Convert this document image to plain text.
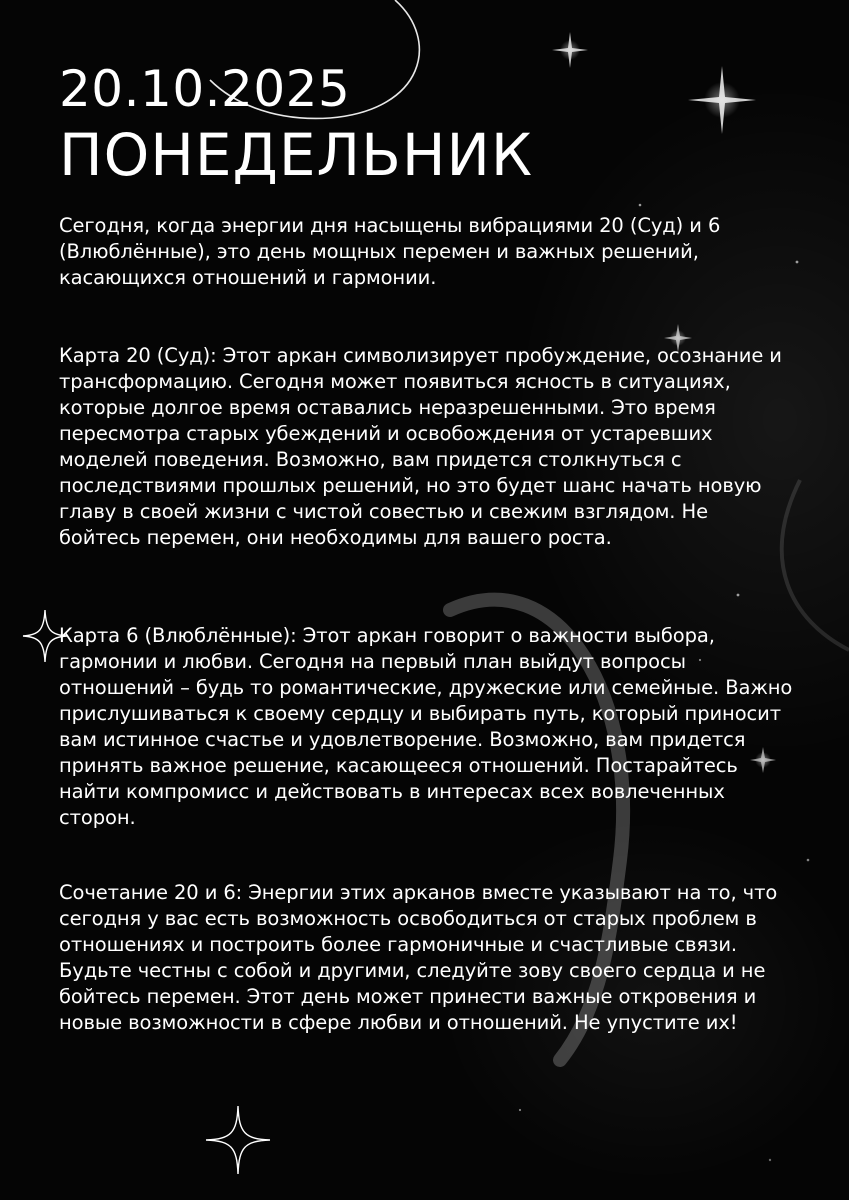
20.10.2025
ПОНЕДЕЛЬНИК

Сегодня, когда энергии дня насыщены вибрациями 20 (Суд) и 6 (Влюблённые), это день мощных перемен и важных решений, касающихся отношений и гармонии.

Карта 20 (Суд): Этот аркан символизирует пробуждение, осознание и трансформацию. Сегодня может появиться ясность в ситуациях, которые долгое время оставались неразрешенными. Это время пересмотра старых убеждений и освобождения от устаревших моделей поведения. Возможно, вам придется столкнуться с последствиями прошлых решений, но это будет шанс начать новую главу в своей жизни с чистой совестью и свежим взглядом. Не бойтесь перемен, они необходимы для вашего роста.

Карта 6 (Влюблённые): Этот аркан говорит о важности выбора, гармонии и любви. Сегодня на первый план выйдут вопросы отношений – будь то романтические, дружеские или семейные. Важно прислушиваться к своему сердцу и выбирать путь, который приносит вам истинное счастье и удовлетворение. Возможно, вам придется принять важное решение, касающееся отношений. Постарайтесь найти компромисс и действовать в интересах всех вовлеченных сторон.

Сочетание 20 и 6: Энергии этих арканов вместе указывают на то, что сегодня у вас есть возможность освободиться от старых проблем в отношениях и построить более гармоничные и счастливые связи. Будьте честны с собой и другими, следуйте зову своего сердца и не бойтесь перемен. Этот день может принести важные откровения и новые возможности в сфере любви и отношений. Не упустите их!
